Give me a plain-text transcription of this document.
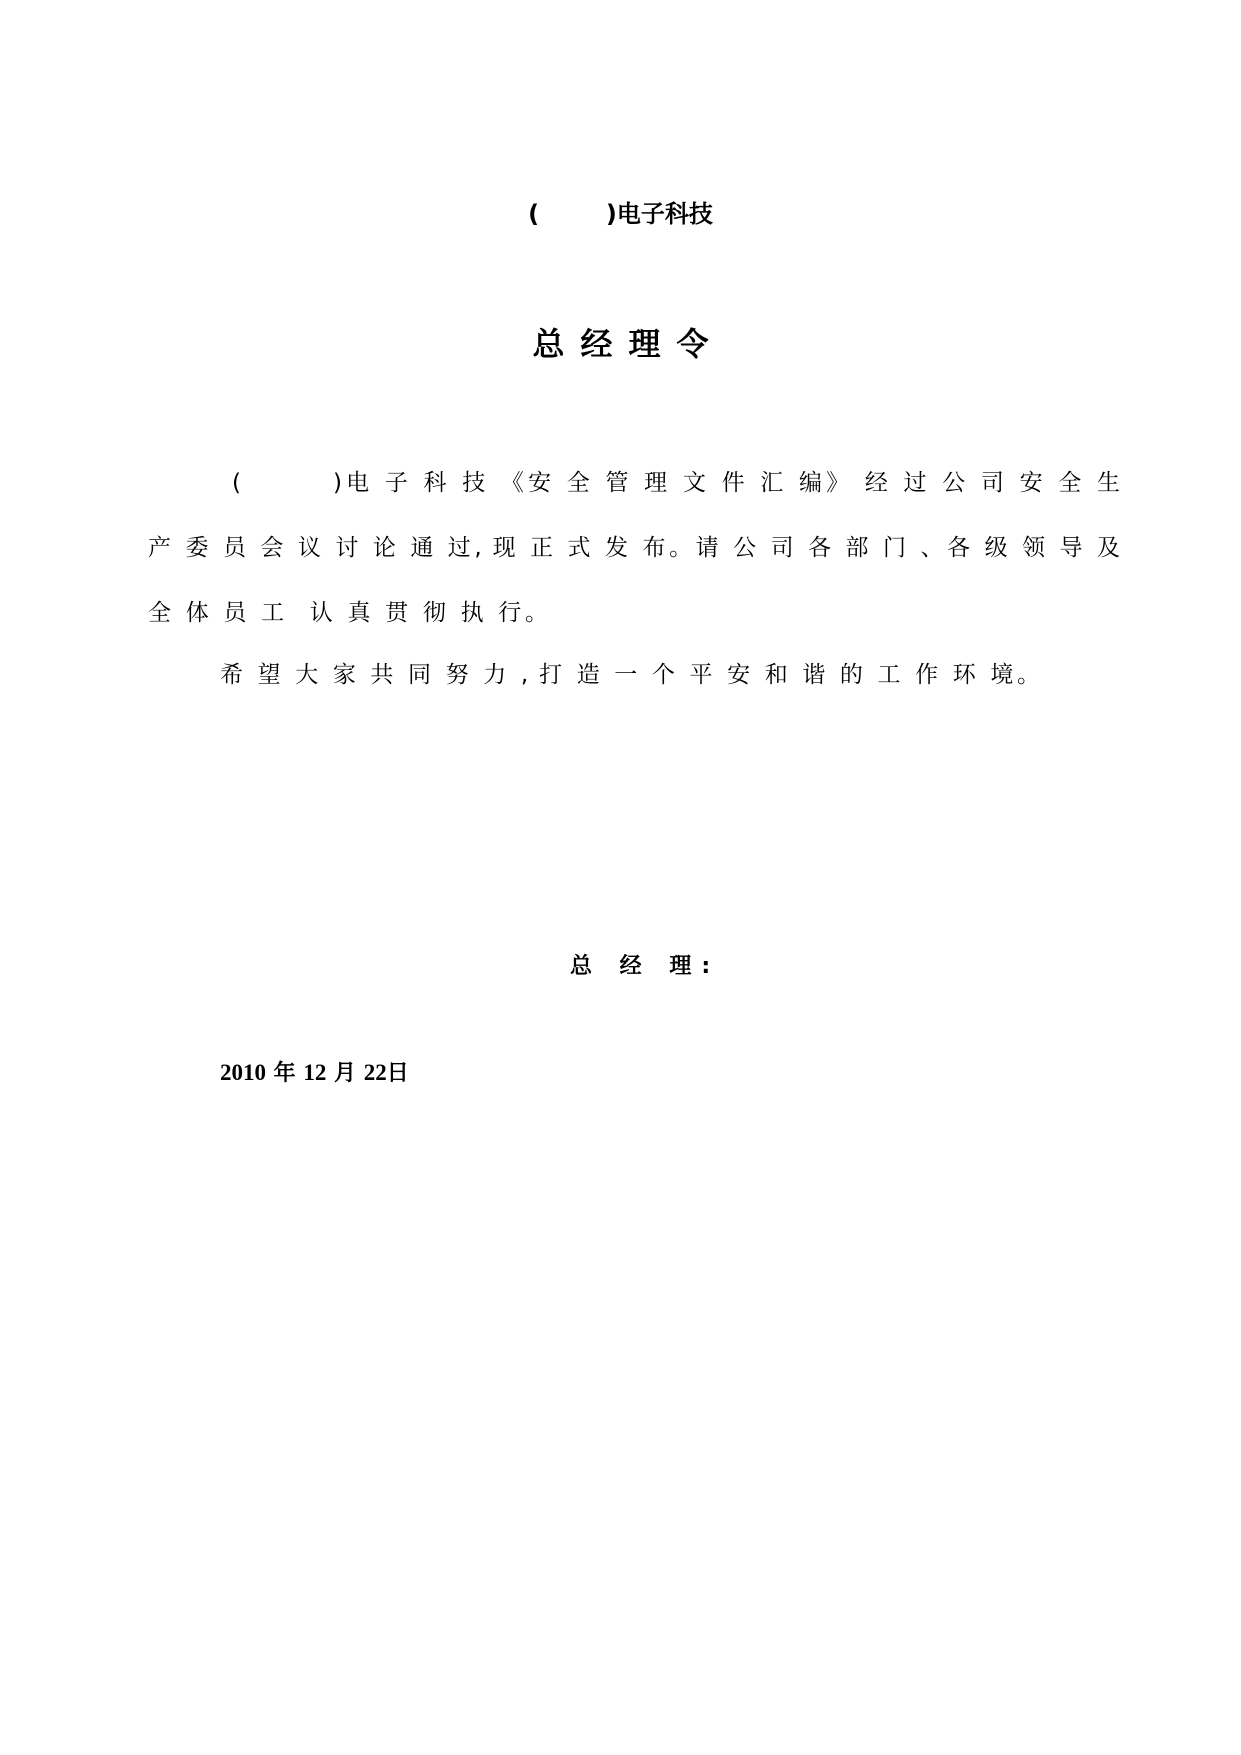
(        )电子科技
总经理令
(        )电 子 科 技 《安 全 管 理 文 件 汇 编》 经 过 公 司 安 全 生
产 委 员 会 议 讨 论 通 过, 现 正 式 发 布。请 公 司 各 部 门 、各 级 领 导 及
全 体 员 工  认 真 贯 彻 执 行。
希 望 大 家 共 同 努 力 , 打 造 一 个 平 安 和 谐 的 工 作 环 境。
总 经 理:
2010 年 12 月 22日
